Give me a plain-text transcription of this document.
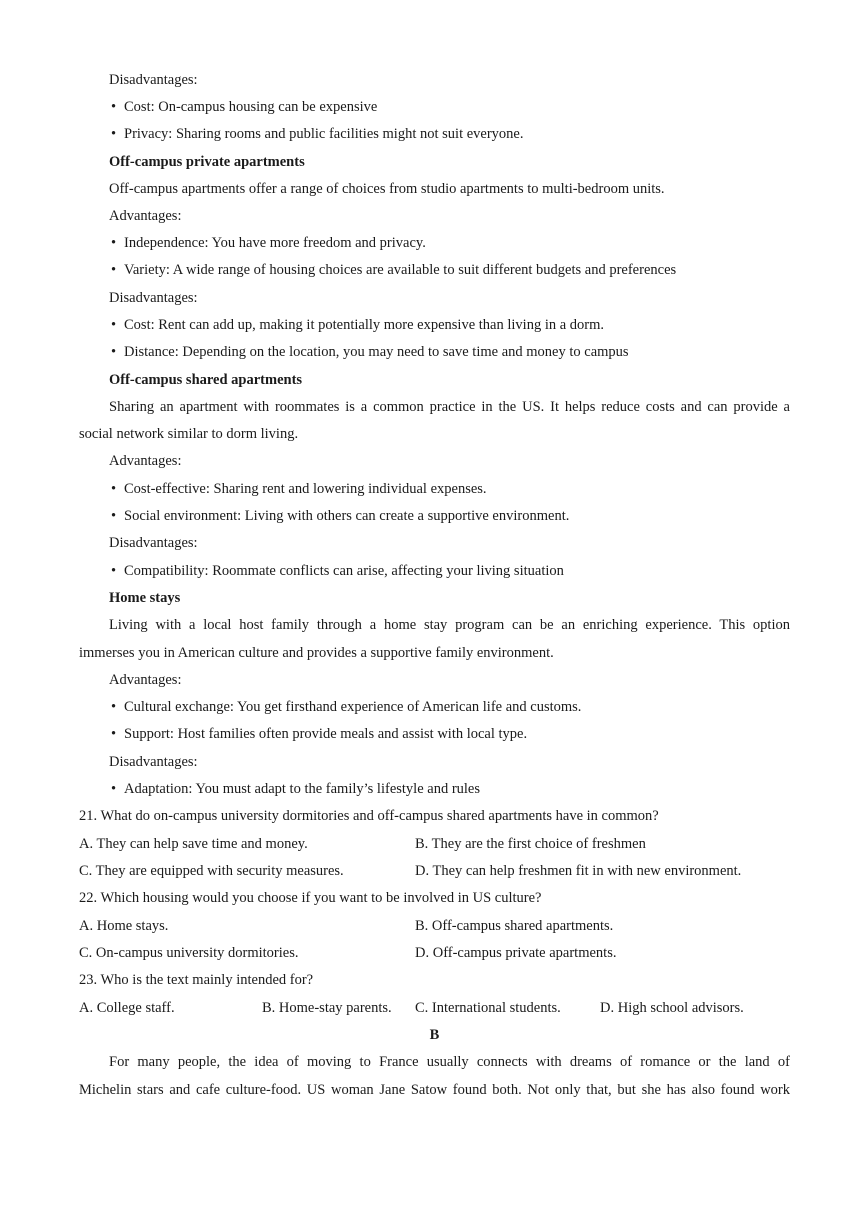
Disadvantages:
• Cost: On-campus housing can be expensive
• Privacy: Sharing rooms and public facilities might not suit everyone.
Off-campus private apartments
Off-campus apartments offer a range of choices from studio apartments to multi-bedroom units.
Advantages:
• Independence: You have more freedom and privacy.
• Variety: A wide range of housing choices are available to suit different budgets and preferences
Disadvantages:
• Cost: Rent can add up, making it potentially more expensive than living in a dorm.
• Distance: Depending on the location, you may need to save time and money to campus
Off-campus shared apartments
Sharing an apartment with roommates is a common practice in the US. It helps reduce costs and can provide a
social network similar to dorm living.
Advantages:
• Cost-effective: Sharing rent and lowering individual expenses.
• Social environment: Living with others can create a supportive environment.
Disadvantages:
• Compatibility: Roommate conflicts can arise, affecting your living situation
Home stays
Living with a local host family through a home stay program can be an enriching experience. This option
immerses you in American culture and provides a supportive family environment.
Advantages:
• Cultural exchange: You get firsthand experience of American life and customs.
• Support: Host families often provide meals and assist with local type.
Disadvantages:
• Adaptation: You must adapt to the family’s lifestyle and rules
21. What do on-campus university dormitories and off-campus shared apartments have in common?
A. They can help save time and money.	B. They are the first choice of freshmen
C. They are equipped with security measures.	D. They can help freshmen fit in with new environment.
22. Which housing would you choose if you want to be involved in US culture?
A. Home stays.	B. Off-campus shared apartments.
C. On-campus university dormitories.	D. Off-campus private apartments.
23. Who is the text mainly intended for?
A. College staff.	B. Home-stay parents. C. International students.	D. High school advisors.
B
For many people, the idea of moving to France usually connects with dreams of romance or the land of
Michelin stars and cafe culture-food. US woman Jane Satow found both. Not only that, but she has also found work
